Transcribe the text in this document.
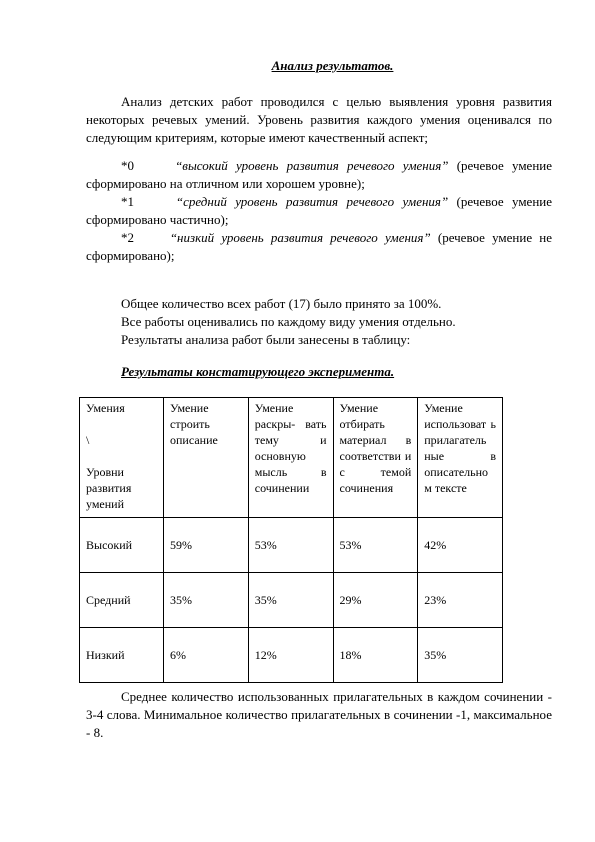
Анализ результатов.
Анализ детских работ проводился с целью выявления уровня развития некоторых речевых умений. Уровень развития каждого умения оценивался по следующим критериям, которые имеют качественный аспект;

*0	“высокий уровень развития речевого умения” (речевое умение сформировано на отличном или хорошем уровне);

*1	“средний уровень развития речевого умения” (речевое умение сформировано частично);

*2	“низкий уровень развития речевого умения” (речевое умение не сформировано);

Общее количество всех работ (17) было принято за 100%.

Все работы оценивались по каждому виду умения отдельно.

Результаты анализа работ были занесены в таблицу:

Результаты констатирующего эксперимента.
Умения
\
Уровни развития умений	Умение строить описание	Умение раскры- вать тему и основную мысль в сочинении	Умение отбирать материал в соответстви и с темой сочинения	Умение использоват ь прилагатель ные в описательно м тексте
Высокий	59%	53%	53%	42%
Средний	35%	35%	29%	23%
Низкий	6%	12%	18%	35%
Среднее количество использованных прилагательных в каждом сочинении - 3-4 слова. Минимальное количество прилагательных в сочинении -1, максимальное - 8.
